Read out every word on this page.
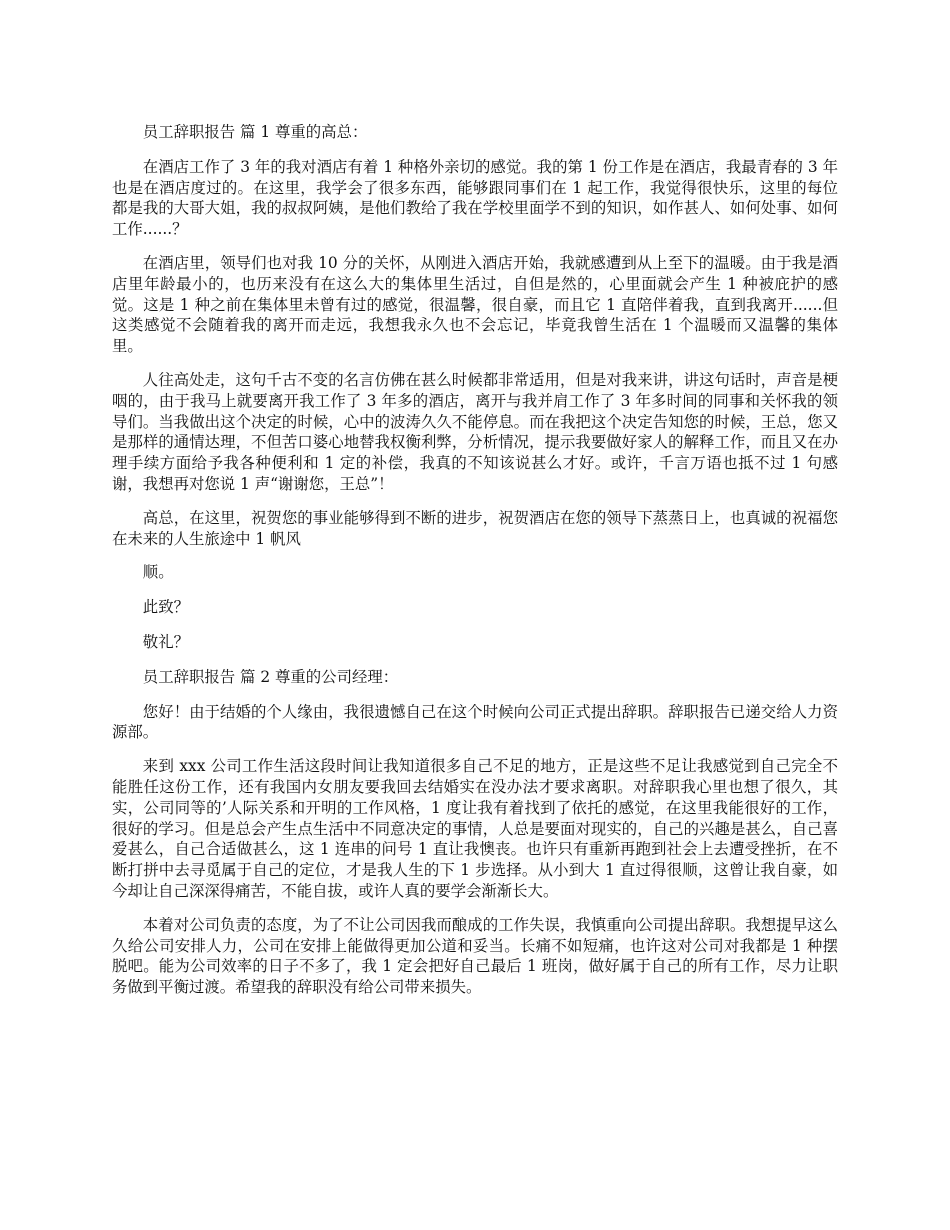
员工辞职报告 篇 1 尊重的高总：

在酒店工作了 3 年的我对酒店有着 1 种格外亲切的感觉。我的第 1 份工作是在酒店，我最青春的 3 年也是在酒店度过的。在这里，我学会了很多东西，能够跟同事们在 1 起工作，我觉得很快乐，这里的每位都是我的大哥大姐，我的叔叔阿姨，是他们教给了我在学校里面学不到的知识，如作甚人、如何处事、如何工作......？

在酒店里，领导们也对我 10 分的关怀，从刚进入酒店开始，我就感遭到从上至下的温暖。由于我是酒店里年龄最小的，也历来没有在这么大的集体里生活过，自但是然的，心里面就会产生 1 种被庇护的感觉。这是 1 种之前在集体里未曾有过的感觉，很温馨，很自豪，而且它 1 直陪伴着我，直到我离开......但这类感觉不会随着我的离开而走远，我想我永久也不会忘记，毕竟我曾生活在 1 个温暖而又温馨的集体里。

人往高处走，这句千古不变的名言仿佛在甚么时候都非常适用，但是对我来讲，讲这句话时，声音是梗咽的，由于我马上就要离开我工作了 3 年多的酒店，离开与我并肩工作了 3 年多时间的同事和关怀我的领导们。当我做出这个决定的时候，心中的波涛久久不能停息。而在我把这个决定告知您的时候，王总，您又是那样的通情达理，不但苦口婆心地替我权衡利弊，分析情况，提示我要做好家人的解释工作，而且又在办理手续方面给予我各种便利和 1 定的补偿，我真的不知该说甚么才好。或许，千言万语也抵不过 1 句感谢，我想再对您说 1 声“谢谢您，王总”！

高总，在这里，祝贺您的事业能够得到不断的进步，祝贺酒店在您的领导下蒸蒸日上，也真诚的祝福您在未来的人生旅途中 1 帆风

顺。

此致？

敬礼？

员工辞职报告 篇 2 尊重的公司经理：

您好！由于结婚的个人缘由，我很遗憾自己在这个时候向公司正式提出辞职。辞职报告已递交给人力资源部。

来到 xxx 公司工作生活这段时间让我知道很多自己不足的地方，正是这些不足让我感觉到自己完全不能胜任这份工作，还有我国内女朋友要我回去结婚实在没办法才要求离职。对辞职我心里也想了很久，其实，公司同等的’人际关系和开明的工作风格，1 度让我有着找到了依托的感觉，在这里我能很好的工作，很好的学习。但是总会产生点生活中不同意决定的事情，人总是要面对现实的，自己的兴趣是甚么，自己喜爱甚么，自己合适做甚么，这 1 连串的问号 1 直让我懊丧。也许只有重新再跑到社会上去遭受挫折，在不断打拼中去寻觅属于自己的定位，才是我人生的下 1 步选择。从小到大 1 直过得很顺，这曾让我自豪，如今却让自己深深得痛苦，不能自拔，或许人真的要学会渐渐长大。

本着对公司负责的态度，为了不让公司因我而酿成的工作失误，我慎重向公司提出辞职。我想提早这么久给公司安排人力，公司在安排上能做得更加公道和妥当。长痛不如短痛，也许这对公司对我都是 1 种摆脱吧。能为公司效率的日子不多了，我 1 定会把好自己最后 1 班岗，做好属于自己的所有工作，尽力让职务做到平衡过渡。希望我的辞职没有给公司带来损失。
